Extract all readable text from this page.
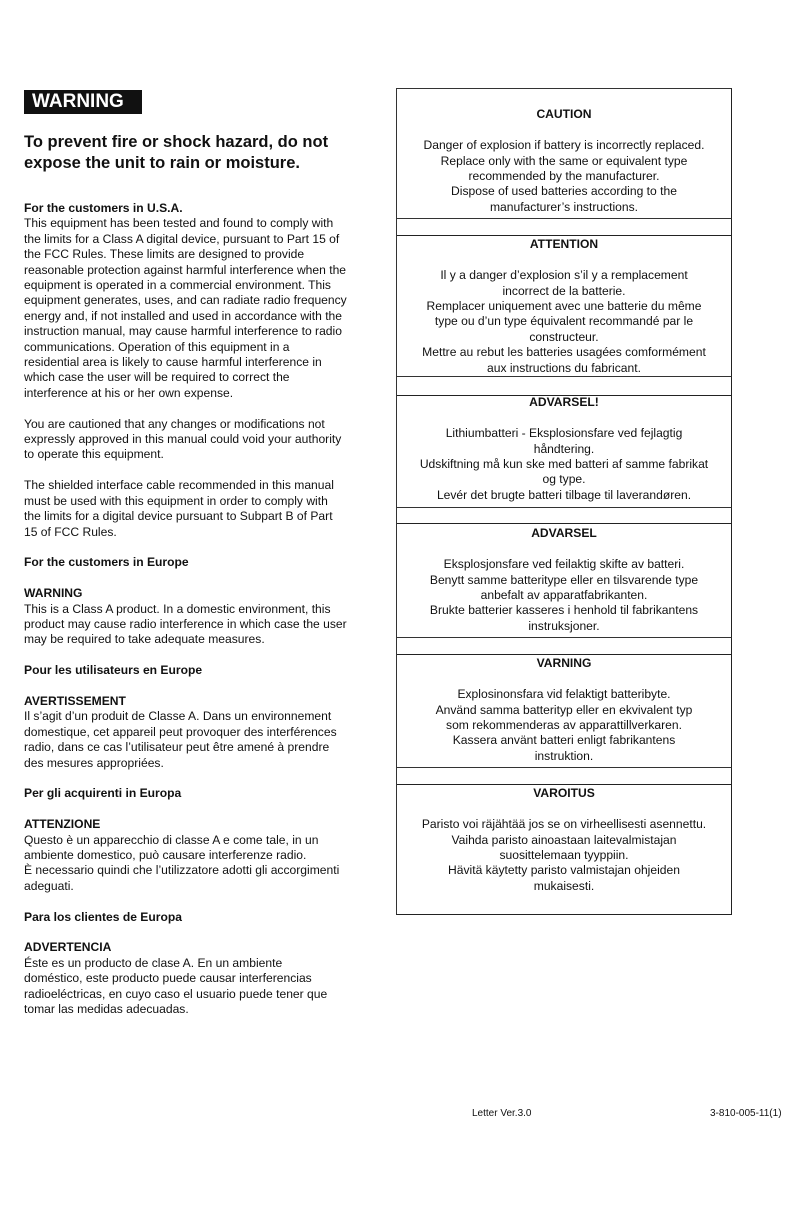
WARNING
To prevent fire or shock hazard, do not expose the unit to rain or moisture.
For the customers in U.S.A.
This equipment has been tested and found to comply with
the limits for a Class A digital device, pursuant to Part 15 of
the FCC Rules. These limits are designed to provide
reasonable protection against harmful interference when the
equipment is operated in a commercial environment. This
equipment generates, uses, and can radiate radio frequency
energy and, if not installed and used in accordance with the
instruction manual, may cause harmful interference to radio
communications. Operation of this equipment in a
residential area is likely to cause harmful interference in
which case the user will be required to correct the
interference at his or her own expense.
You are cautioned that any changes or modifications not
expressly approved in this manual could void your authority
to operate this equipment.
The shielded interface cable recommended in this manual
must be used with this equipment in order to comply with
the limits for a digital device pursuant to Subpart B of Part
15 of FCC Rules.
For the customers in Europe
WARNING
This is a Class A product. In a domestic environment, this
product may cause radio interference in which case the user
may be required to take adequate measures.
Pour les utilisateurs en Europe
AVERTISSEMENT
Il s’agit d’un produit de Classe A. Dans un environnement
domestique, cet appareil peut provoquer des interférences
radio, dans ce cas l’utilisateur peut être amené à prendre
des mesures appropriées.
Per gli acquirenti in Europa
ATTENZIONE
Questo è un apparecchio di classe A e come tale, in un
ambiente domestico, può causare interferenze radio.
È necessario quindi che l’utilizzatore adotti gli accorgimenti
adeguati.
Para los clientes de Europa
ADVERTENCIA
Éste es un producto de clase A. En un ambiente
doméstico, este producto puede causar interferencias
radioeléctricas, en cuyo caso el usuario puede tener que
tomar las medidas adecuadas.

CAUTION

Danger of explosion if battery is incorrectly replaced.
Replace only with the same or equivalent type
recommended by the manufacturer.
Dispose of used batteries according to the
manufacturer’s instructions.

ATTENTION

Il y a danger d’explosion s’il y a remplacement
incorrect de la batterie.
Remplacer uniquement avec une batterie du même
type ou d’un type équivalent recommandé par le
constructeur.
Mettre au rebut les batteries usagées comformément
aux instructions du fabricant.

ADVARSEL!

Lithiumbatteri - Eksplosionsfare ved fejlagtig
håndtering.
Udskiftning må kun ske med batteri af samme fabrikat
og type.
Levér det brugte batteri tilbage til laverandøren.

ADVARSEL

Eksplosjonsfare ved feilaktig skifte av batteri.
Benytt samme batteritype eller en tilsvarende type
anbefalt av apparatfabrikanten.
Brukte batterier kasseres i henhold til fabrikantens
instruksjoner.

VARNING

Explosinonsfara vid felaktigt batteribyte.
Använd samma batterityp eller en ekvivalent typ
som rekommenderas av apparattillverkaren.
Kassera använt batteri enligt fabrikantens
instruktion.

VAROITUS

Paristo voi räjähtää jos se on virheellisesti asennettu.
Vaihda paristo ainoastaan laitevalmistajan
suosittelemaan tyyppiin.
Hävitä käytetty paristo valmistajan ohjeiden
mukaisesti.

Letter Ver.3.0	3-810-005-11(1)
